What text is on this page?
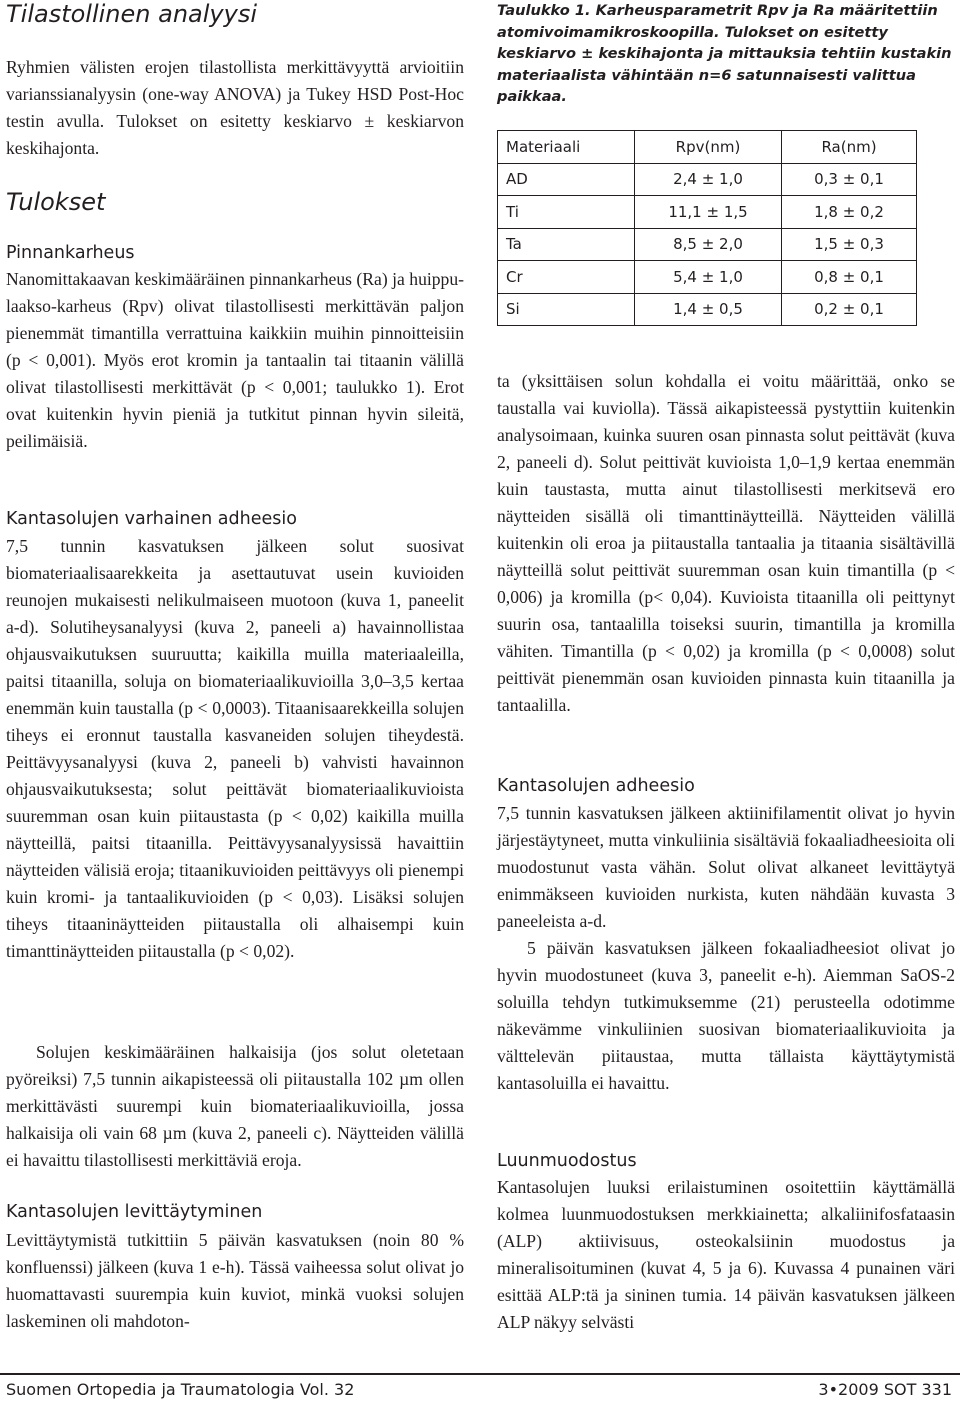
Tilastollinen analyysi

Ryhmien välisten erojen tilastollista merkittävyyttä arvioitiin varianssianalyysin (one-way ANOVA) ja Tukey HSD Post-Hoc testin avulla. Tulokset on esitetty keskiarvo ± keskiarvon keskihajonta.

Tulokset
Pinnankarheus

Nanomittakaavan keskimääräinen pinnankarheus (Ra) ja huippu-laakso-karheus (Rpv) olivat tilastollisesti merkittävän paljon pienemmät timantilla verrattuina kaikkiin muihin pinnoitteisiin (p < 0,001). Myös erot kromin ja tantaalin tai titaanin välillä olivat tilastollisesti merkittävät (p < 0,001; taulukko 1). Erot ovat kuitenkin hyvin pieniä ja tutkitut pinnan hyvin sileitä, peilimäisiä.

Kantasolujen varhainen adheesio

7,5 tunnin kasvatuksen jälkeen solut suosivat biomateriaalisaarekkeita ja asettautuvat usein kuvioiden reunojen mukaisesti nelikulmaiseen muotoon (kuva 1, paneelit a-d). Solutiheysanalyysi (kuva 2, paneeli a) havainnollistaa ohjausvaikutuksen suuruutta; kaikilla muilla materiaaleilla, paitsi titaanilla, soluja on biomateriaalikuvioilla 3,0–3,5 kertaa enemmän kuin taustalla (p < 0,0003). Titaanisaarekkeilla solujen tiheys ei eronnut taustalla kasvaneiden solujen tiheydestä. Peittävyysanalyysi (kuva 2, paneeli b) vahvisti havainnon ohjausvaikutuksesta; solut peittävät biomateriaalikuvioista suuremman osan kuin piitaustasta (p < 0,02) kaikilla muilla näytteillä, paitsi titaanilla. Peittävyysanalyysissä havaittiin näytteiden välisiä eroja; titaanikuvioiden peittävyys oli pienempi kuin kromi- ja tantaalikuvioiden (p < 0,03). Lisäksi solujen tiheys titaaninäytteiden piitaustalla oli alhaisempi kuin timanttinäytteiden piitaustalla (p < 0,02).

Solujen keskimääräinen halkaisija (jos solut oletetaan pyöreiksi) 7,5 tunnin aikapisteessä oli piitaustalla 102 µm ollen merkittävästi suurempi kuin biomateriaalikuvioilla, jossa halkaisija oli vain 68 µm (kuva 2, paneeli c). Näytteiden välillä ei havaittu tilastollisesti merkittäviä eroja.

Kantasolujen levittäytyminen

Levittäytymistä tutkittiin 5 päivän kasvatuksen (noin 80 % konfluenssi) jälkeen (kuva 1 e-h). Tässä vaiheessa solut olivat jo huomattavasti suurempia kuin kuviot, minkä vuoksi solujen laskeminen oli mahdoton-

Taulukko 1. Karheusparametrit Rpv ja Ra määritettiin atomivoimamikroskoopilla. Tulokset on esitetty keskiarvo ± keskihajonta ja mittauksia tehtiin kustakin materiaalista vähintään n=6 satunnaisesti valittua paikkaa.

Materiaali	Rpv(nm)	Ra(nm)
AD	2,4 ± 1,0	0,3 ± 0,1
Ti	11,1 ± 1,5	1,8 ± 0,2
Ta	8,5 ± 2,0	1,5 ± 0,3
Cr	5,4 ± 1,0	0,8 ± 0,1
Si	1,4 ± 0,5	0,2 ± 0,1

ta (yksittäisen solun kohdalla ei voitu määrittää, onko se taustalla vai kuviolla). Tässä aikapisteessä pystyttiin kuitenkin analysoimaan, kuinka suuren osan pinnasta solut peittävät (kuva 2, paneeli d). Solut peittivät kuvioista 1,0–1,9 kertaa enemmän kuin taustasta, mutta ainut tilastollisesti merkitsevä ero näytteiden sisällä oli timanttinäytteillä. Näytteiden välillä kuitenkin oli eroa ja piitaustalla tantaalia ja titaania sisältävillä näytteillä solut peittivät suuremman osan kuin timantilla (p < 0,006) ja kromilla (p< 0,04). Kuvioista titaanilla oli peittynyt suurin osa, tantaalilla toiseksi suurin, timantilla ja kromilla vähiten. Timantilla (p < 0,02) ja kromilla (p < 0,0008) solut peittivät pienemmän osan kuvioiden pinnasta kuin titaanilla ja tantaalilla.

Kantasolujen adheesio

7,5 tunnin kasvatuksen jälkeen aktiinifilamentit olivat jo hyvin järjestäytyneet, mutta vinkuliinia sisältäviä fokaaliadheesioita oli muodostunut vasta vähän. Solut olivat alkaneet levittäytyä enimmäkseen kuvioiden nurkista, kuten nähdään kuvasta 3 paneeleista a-d.

5 päivän kasvatuksen jälkeen fokaaliadheesiot olivat jo hyvin muodostuneet (kuva 3, paneelit e-h). Aiemman SaOS-2 soluilla tehdyn tutkimuksemme (21) perusteella odotimme näkevämme vinkuliinien suosivan biomateriaalikuvioita ja välttelevän piitaustaa, mutta tällaista käyttäytymistä kantasoluilla ei havaittu.

Luunmuodostus

Kantasolujen luuksi erilaistuminen osoitettiin käyttämällä kolmea luunmuodostuksen merkkiainetta; alkaliinifosfataasin (ALP) aktiivisuus, osteokalsiinin muodostus ja mineralisoituminen (kuvat 4, 5 ja 6). Kuvassa 4 punainen väri esittää ALP:tä ja sininen tumia. 14 päivän kasvatuksen jälkeen ALP näkyy selvästi

Suomen Ortopedia ja Traumatologia Vol. 32	3•2009 SOT 331
